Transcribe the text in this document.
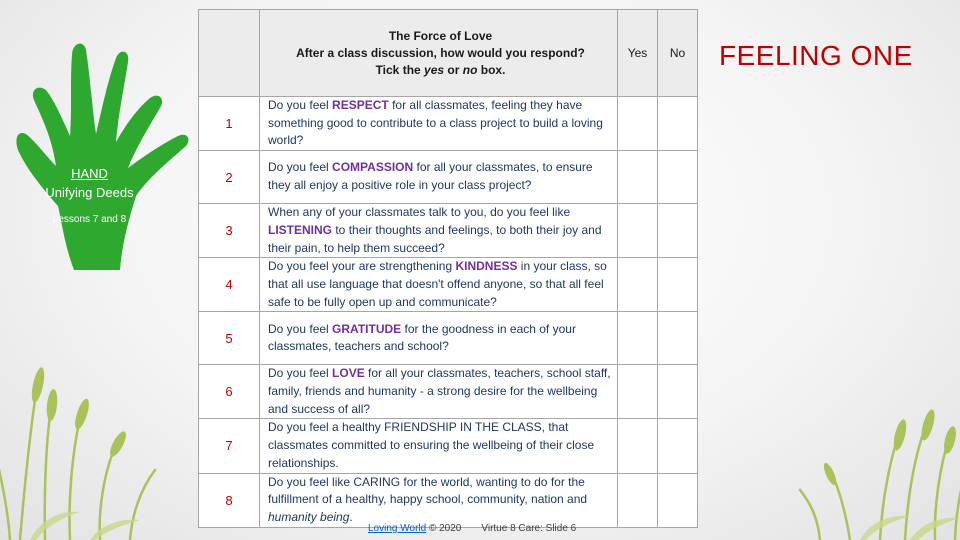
HAND
Unifying Deeds
Lessons 7 and 8
FEELING ONE

	The Force of Love
After a class discussion, how would you respond?
Tick the yes or no box.	Yes	No
1	Do you feel RESPECT for all classmates, feeling they have something good to contribute to a class project to build a loving world?		
2	Do you feel COMPASSION for all your classmates, to ensure they all enjoy a positive role in your class project?		
3	When any of your classmates talk to you, do you feel like LISTENING to their thoughts and feelings, to both their joy and their pain, to help them succeed?		
4	Do you feel your are strengthening KINDNESS in your class, so that all use language that doesn't offend anyone, so that all feel safe to be fully open up and communicate?		
5	Do you feel GRATITUDE for the goodness in each of your classmates, teachers and school?		
6	Do you feel LOVE for all your classmates, teachers, school staff, family, friends and humanity - a strong desire for the wellbeing and success of all?		
7	Do you feel a healthy FRIENDSHIP IN THE CLASS, that classmates committed to ensuring the wellbeing of their close relationships.		
8	Do you feel like CARING for the world, wanting to do for the fulfillment of a healthy, happy school, community, nation and humanity being.		
Loving World © 2020 Virtue 8 Care: Slide 6
